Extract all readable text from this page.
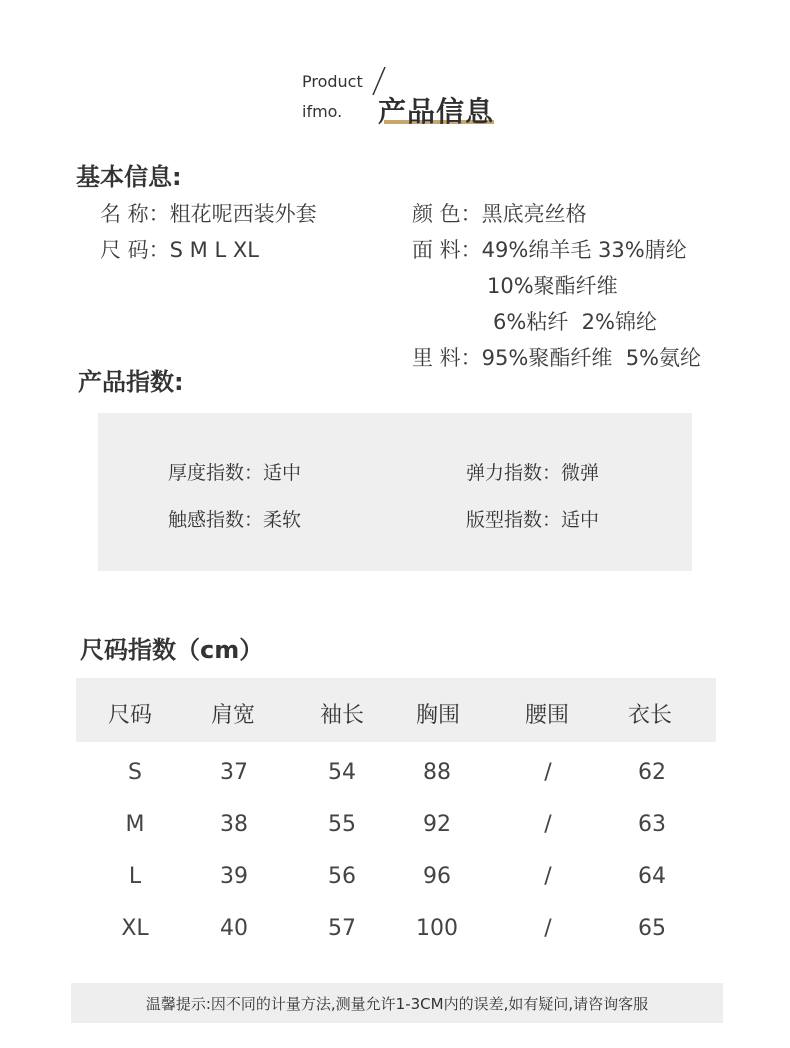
Product
ifmo. 产品信息
基本信息:
名 称：粗花呢西装外套
尺 码：S M L XL
颜 色：黑底亮丝格
面 料：49%绵羊毛 33%腈纶
10%聚酯纤维
6%粘纤  2%锦纶
里 料：95%聚酯纤维  5%氨纶
产品指数:
厚度指数：适中	弹力指数：微弹
触感指数：柔软	版型指数：适中
尺码指数（cm）
尺码	肩宽	袖长	胸围	腰围	衣长
S	37	54	88	/	62
M	38	55	92	/	63
L	39	56	96	/	64
XL	40	57	100	/	65
温馨提示:因不同的计量方法,测量允许1-3CM内的误差,如有疑问,请咨询客服
